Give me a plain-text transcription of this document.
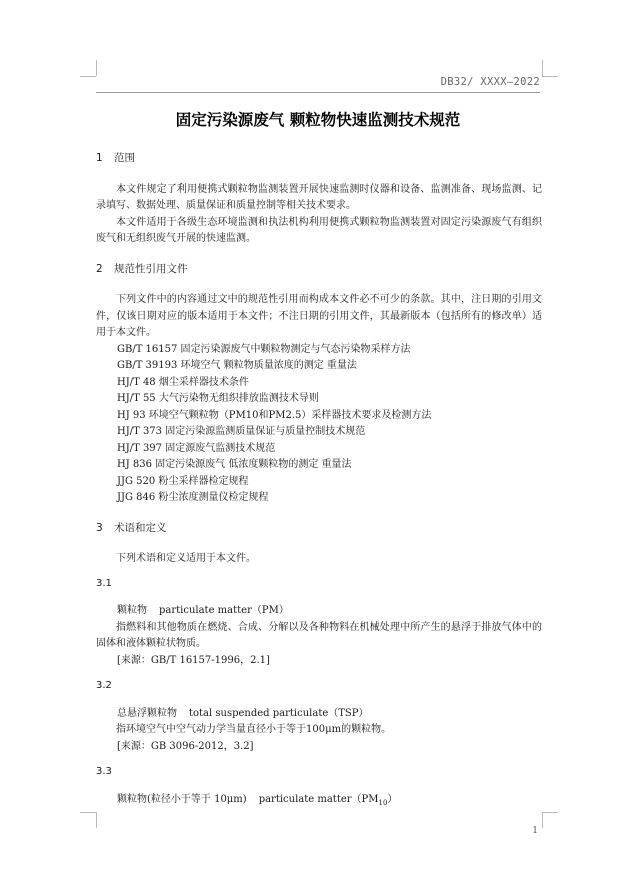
DB32/ XXXX—2022
固定污染源废气 颗粒物快速监测技术规范
1 范围

本文件规定了利用便携式颗粒物监测装置开展快速监测时仪器和设备、监测准备、现场监测、记录填写、数据处理、质量保证和质量控制等相关技术要求。

本文件适用于各级生态环境监测和执法机构利用便携式颗粒物监测装置对固定污染源废气有组织废气和无组织废气开展的快速监测。

2 规范性引用文件

下列文件中的内容通过文中的规范性引用而构成本文件必不可少的条款。其中，注日期的引用文件，仅该日期对应的版本适用于本文件；不注日期的引用文件，其最新版本（包括所有的修改单）适用于本文件。

GB/T 16157 固定污染源废气中颗粒物测定与气态污染物采样方法
GB/T 39193 环境空气 颗粒物质量浓度的测定 重量法
HJ/T 48 烟尘采样器技术条件
HJ/T 55 大气污染物无组织排放监测技术导则
HJ 93 环境空气颗粒物（PM10和PM2.5）采样器技术要求及检测方法
HJ/T 373 固定污染源监测质量保证与质量控制技术规范
HJ/T 397 固定源废气监测技术规范
HJ 836 固定污染源废气 低浓度颗粒物的测定 重量法
JJG 520 粉尘采样器检定规程
JJG 846 粉尘浓度测量仪检定规程
3 术语和定义

下列术语和定义适用于本文件。

3.1

颗粒物 particulate matter（PM）

指燃料和其他物质在燃烧、合成、分解以及各种物料在机械处理中所产生的悬浮于排放气体中的固体和液体颗粒状物质。

[来源：GB/T 16157-1996，2.1]

3.2

总悬浮颗粒物 total suspended particulate（TSP）

指环境空气中空气动力学当量直径小于等于100μm的颗粒物。

[来源：GB 3096-2012，3.2]

3.3

颗粒物(粒径小于等于 10μm) particulate $matter(PM_{10})$

1
